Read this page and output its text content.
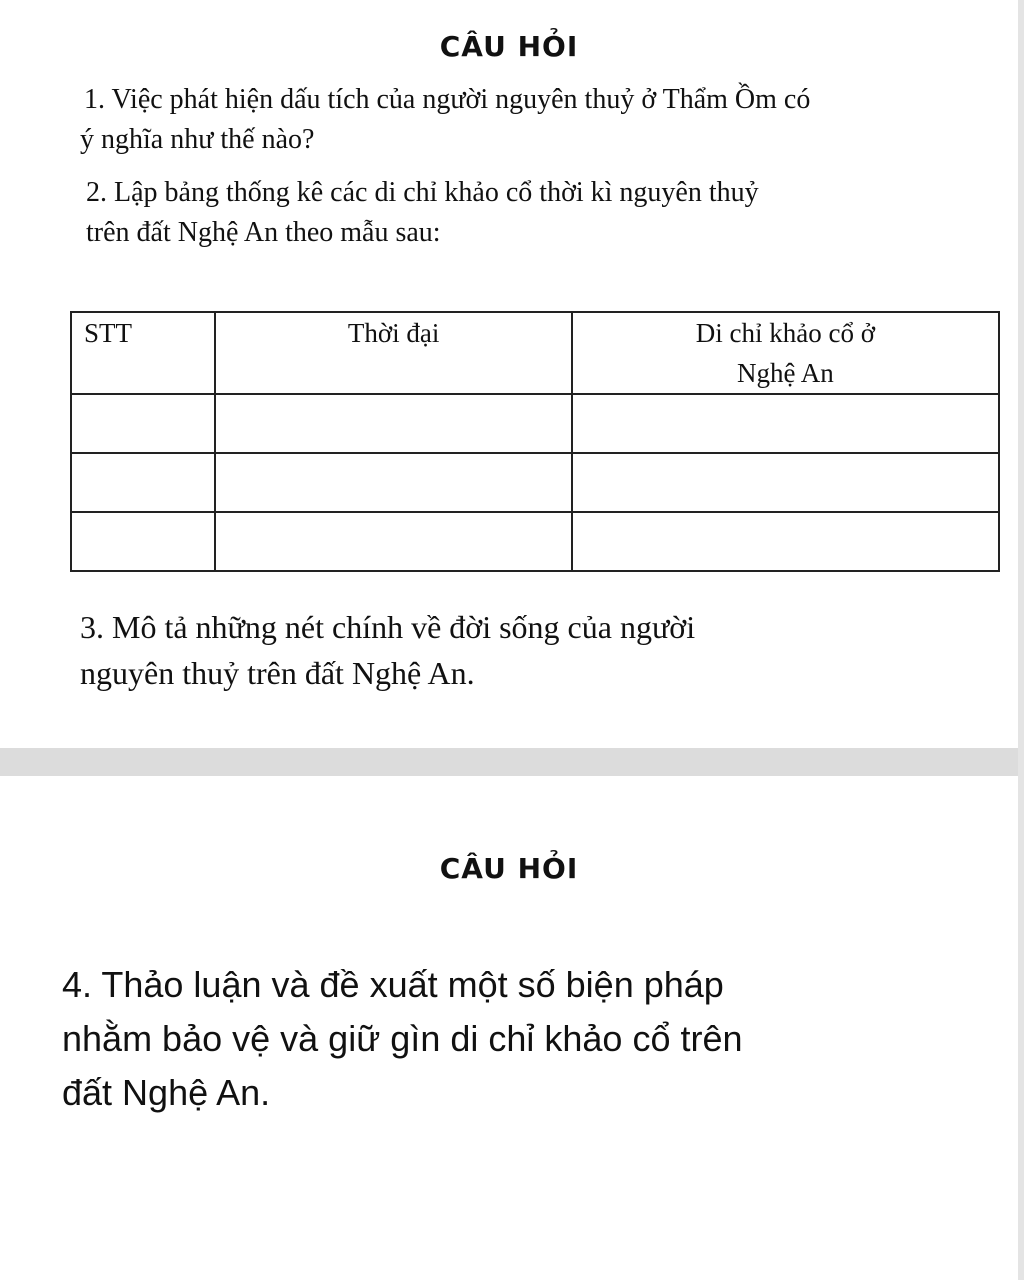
CÂU HỎI

1. Việc phát hiện dấu tích của người nguyên thuỷ ở Thẩm Ồm có
ý nghĩa như thế nào?

2. Lập bảng thống kê các di chỉ khảo cổ thời kì nguyên thuỷ
trên đất Nghệ An theo mẫu sau:

STT	Thời đại	Di chỉ khảo cổ ở
Nghệ An

3. Mô tả những nét chính về đời sống của người
nguyên thuỷ trên đất Nghệ An.

CÂU HỎI

4. Thảo luận và đề xuất một số biện pháp
nhằm bảo vệ và giữ gìn di chỉ khảo cổ trên
đất Nghệ An.
